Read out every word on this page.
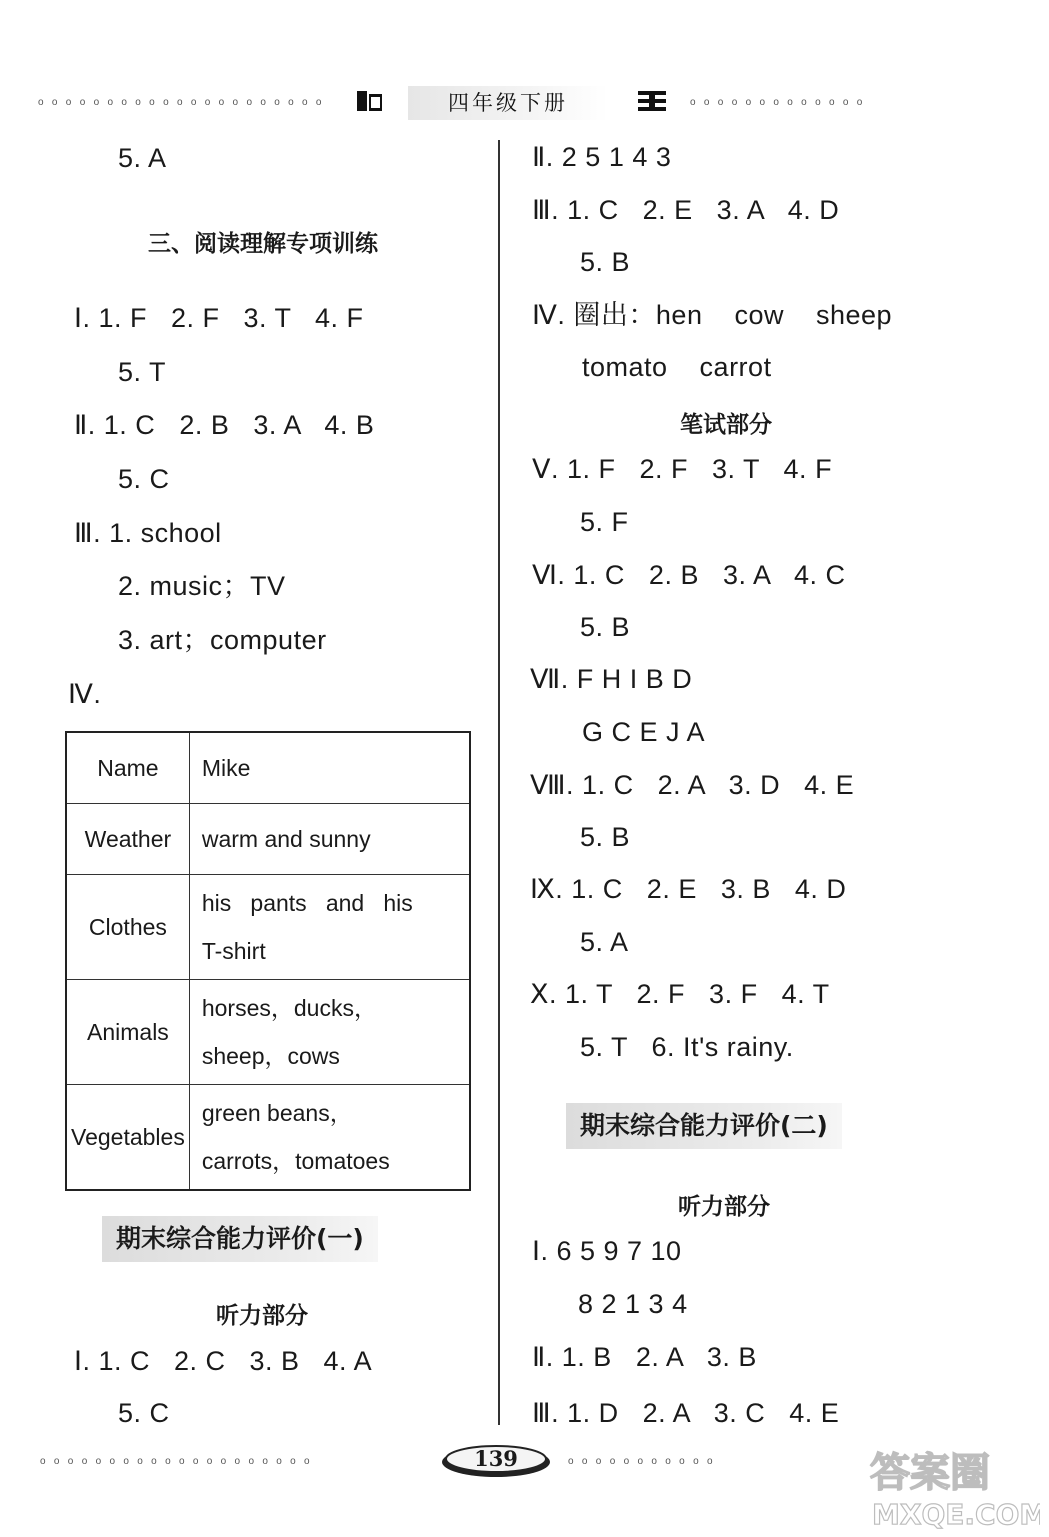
o   o   o   o   o   o   o   o   o   o   o   o   o   o   o   o   o   o   o   o   o	四年级下册	o   o   o   o   o   o   o   o   o   o   o   o   o
5. A
三、阅读理解专项训练
Ⅰ. 1. F   2. F   3. T   4. F
5. T
Ⅱ. 1. C   2. B   3. A   4. B
5. C
Ⅲ. 1. school
2. music；TV
3. art；computer
Ⅳ.
Name	Mike
Weather	warm and sunny
Clothes	his   pants   and   his
T-shirt

Animals	horses，ducks，
sheep，cows

Vegetables	green beans，
carrots，tomatoes
期末综合能力评价(一)
听力部分
Ⅰ. 1. C   2. C   3. B   4. A
5. C
Ⅱ. 2 5 1 4 3
Ⅲ. 1. C   2. E   3. A   4. D
5. B
Ⅳ. 圈出：hen    cow    sheep
tomato    carrot
笔试部分
Ⅴ. 1. F   2. F   3. T   4. F
5. F
Ⅵ. 1. C   2. B   3. A   4. C
5. B
Ⅶ. F H I B D
G C E J A
Ⅷ. 1. C   2. A   3. D   4. E
5. B
Ⅸ. 1. C   2. E   3. B   4. D
5. A
Ⅹ. 1. T   2. F   3. F   4. T
5. T   6. It's rainy.
期末综合能力评价(二)
听力部分
Ⅰ. 6 5 9 7 10
8 2 1 3 4
Ⅱ. 1. B   2. A   3. B
Ⅲ. 1. D   2. A   3. C   4. E
o   o   o   o   o   o   o   o   o   o   o   o   o   o   o   o   o   o   o   o	139	o   o   o   o   o   o   o   o   o   o   o	答案圈
MXQE.COM
